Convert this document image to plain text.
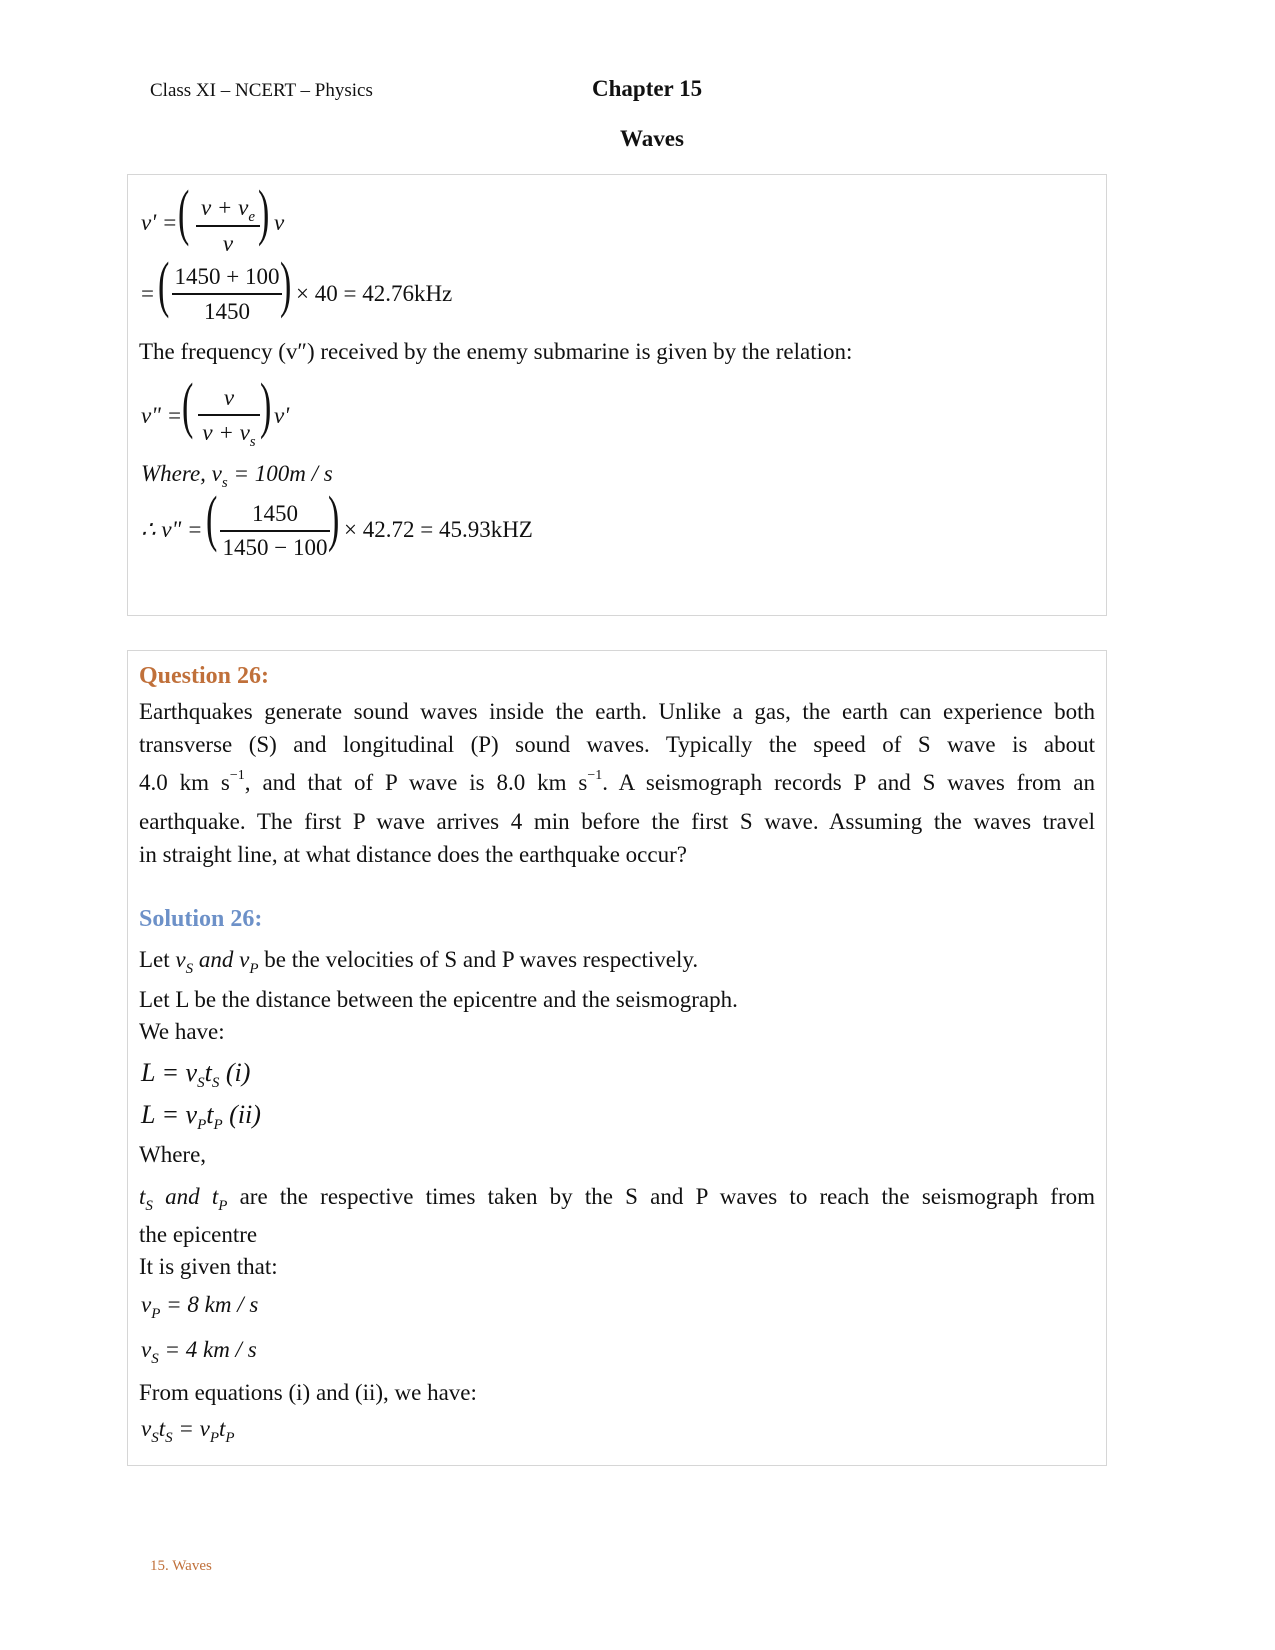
Class XI – NCERT – Physics	Chapter 15
Waves
v' = ( $v + v_e$
v ) v
= ( 1450 + 100
1450 ) × 40 = 42.76kHz
The frequency (v″) received by the enemy submarine is given by the relation:
v" = (	v
$v + v_s$
) v'
Where, $v_s = 100m / s$
∴ v" = (	1450
1450 − 100 ) × 42.72 = 45.93kHZ
Question 26:
Earthquakes generate sound waves inside the earth. Unlike a gas, the earth can experience both
transverse (S) and longitudinal (P) sound waves. Typically the speed of S wave is about
4.0 km $s^{-1}$, and that of P wave is 8.0 km $s^{-1}$. A seismograph records P and S waves from an
earthquake. The first P wave arrives 4 min before the first S wave. Assuming the waves travel
in straight line, at what distance does the earthquake occur?
Solution 26:
Let $v_S$ and $v_P$ be the velocities of S and P waves respectively.
Let L be the distance between the epicentre and the seismograph.
We have:
$L = v_St_S$ (i)
$L = v_Pt_P$ (ii)
Where,
$t_S$ and $t_P$ are the respective times taken by the S and P waves to reach the seismograph from
the epicentre
It is given that:
$v_P = 8$ km / s
$v_S = 4$ km / s
From equations (i) and (ii), we have:
$v_St_S = v_Pt_P$
15. Waves
